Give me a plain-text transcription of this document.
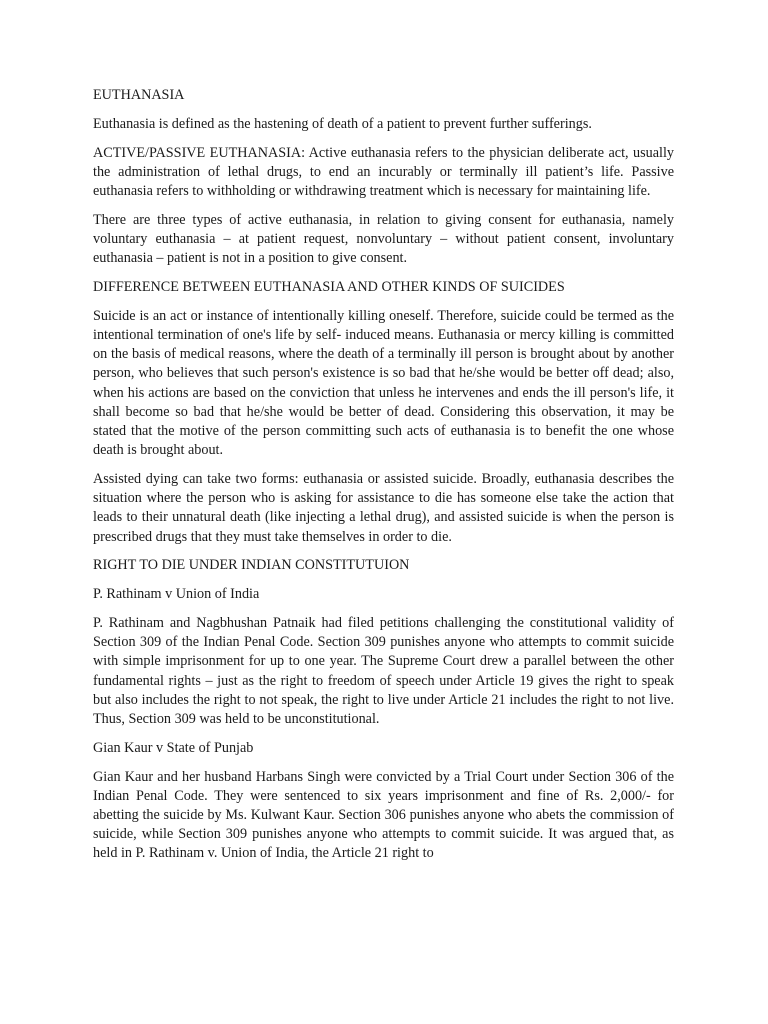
EUTHANASIA

Euthanasia is defined as the hastening of death of a patient to prevent further sufferings.

ACTIVE/PASSIVE EUTHANASIA: Active euthanasia refers to the physician deliberate act, usually the administration of lethal drugs, to end an incurably or terminally ill patient’s life. Passive euthanasia refers to withholding or withdrawing treatment which is necessary for maintaining life.

There are three types of active euthanasia, in relation to giving consent for euthanasia, namely voluntary euthanasia – at patient request, nonvoluntary – without patient consent, involuntary euthanasia – patient is not in a position to give consent.

DIFFERENCE BETWEEN EUTHANASIA AND OTHER KINDS OF SUICIDES

Suicide is an act or instance of intentionally killing oneself. Therefore, suicide could be termed as the intentional termination of one's life by self- induced means. Euthanasia or mercy killing is committed on the basis of medical reasons, where the death of a terminally ill person is brought about by another person, who believes that such person's existence is so bad that he/she would be better off dead; also, when his actions are based on the conviction that unless he intervenes and ends the ill person's life, it shall become so bad that he/she would be better of dead. Considering this observation, it may be stated that the motive of the person committing such acts of euthanasia is to benefit the one whose death is brought about.

Assisted dying can take two forms: euthanasia or assisted suicide. Broadly, euthanasia describes the situation where the person who is asking for assistance to die has someone else take the action that leads to their unnatural death (like injecting a lethal drug), and assisted suicide is when the person is prescribed drugs that they must take themselves in order to die.

RIGHT TO DIE UNDER INDIAN CONSTITUTUION

P. Rathinam v Union of India

P. Rathinam and Nagbhushan Patnaik had filed petitions challenging the constitutional validity of Section 309 of the Indian Penal Code. Section 309 punishes anyone who attempts to commit suicide with simple imprisonment for up to one year. The Supreme Court drew a parallel between the other fundamental rights – just as the right to freedom of speech under Article 19 gives the right to speak but also includes the right to not speak, the right to live under Article 21 includes the right to not live. Thus, Section 309 was held to be unconstitutional.

Gian Kaur v State of Punjab

Gian Kaur and her husband Harbans Singh were convicted by a Trial Court under Section 306 of the Indian Penal Code. They were sentenced to six years imprisonment and fine of Rs. 2,000/- for abetting the suicide by Ms. Kulwant Kaur. Section 306 punishes anyone who abets the commission of suicide, while Section 309 punishes anyone who attempts to commit suicide. It was argued that, as held in P. Rathinam v. Union of India, the Article 21 right to
